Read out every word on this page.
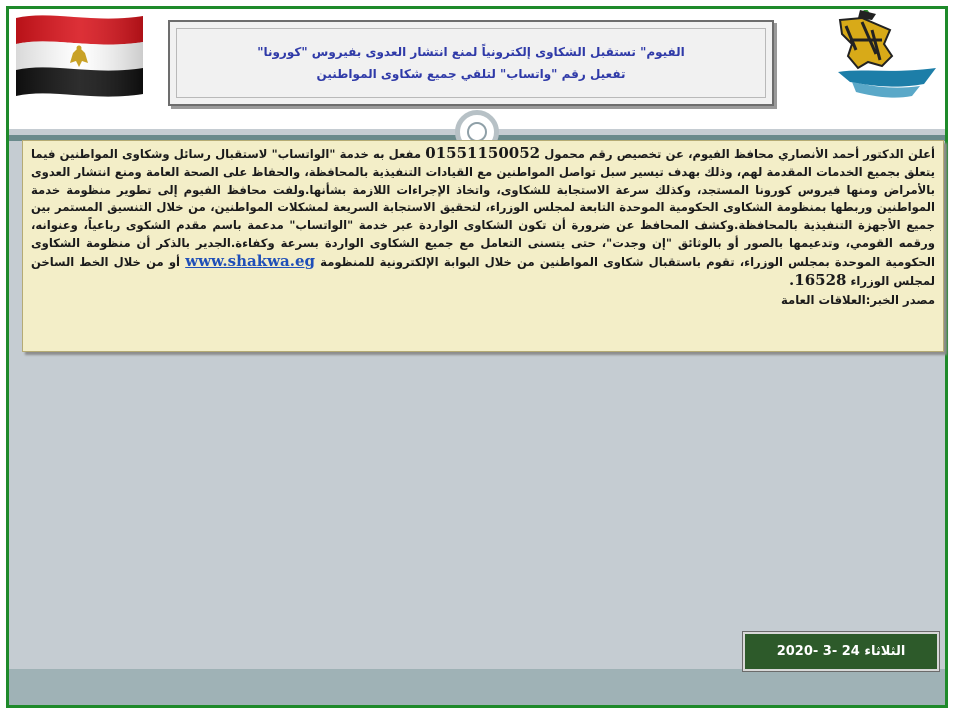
الفيوم" تستقبل الشكاوى إلكترونياً لمنع انتشار العدوى بفيروس "كورونا"
تفعيل رقم "واتساب" لتلقي جميع شكاوى المواطنين

أعلن الدكتور أحمد الأنصاري محافظ الفيوم، عن تخصيص رقم محمول 01551150052 مفعل به خدمة "الواتساب" لاستقبال رسائل وشكاوى المواطنين فيما يتعلق بجميع الخدمات المقدمة لهم، وذلك بهدف تيسير سبل تواصل المواطنين مع القيادات التنفيذية بالمحافظة، والحفاظ على الصحة العامة ومنع انتشار العدوى بالأمراض ومنها فيروس كورونا المستجد، وكذلك سرعة الاستجابة للشكاوى، واتخاذ الإجراءات اللازمة بشأنها.ولفت محافظ الفيوم إلى تطوير منظومة خدمة المواطنين وربطها بمنظومة الشكاوى الحكومية الموحدة التابعة لمجلس الوزراء، لتحقيق الاستجابة السريعة لمشكلات المواطنين، من خلال التنسيق المستمر بين جميع الأجهزة التنفيذية بالمحافظة.وكشف المحافظ عن ضرورة أن تكون الشكاوى الواردة عبر خدمة "الواتساب" مدعمة باسم مقدم الشكوى رباعياً، وعنوانه، ورقمه القومي، وتدعيمها بالصور أو بالوثائق "إن وجدت"، حتى يتسنى التعامل مع جميع الشكاوى الواردة بسرعة وكفاءة.الجدير بالذكر أن منظومة الشكاوى الحكومية الموحدة بمجلس الوزراء، تقوم باستقبال شكاوى المواطنين من خلال البوابة الإلكترونية للمنظومة www.shakwa.eg أو من خلال الخط الساخن لمجلس الوزراء 16528.

مصدر الخبر:العلاقات العامة

الثلاثاء 24 -3 -2020
